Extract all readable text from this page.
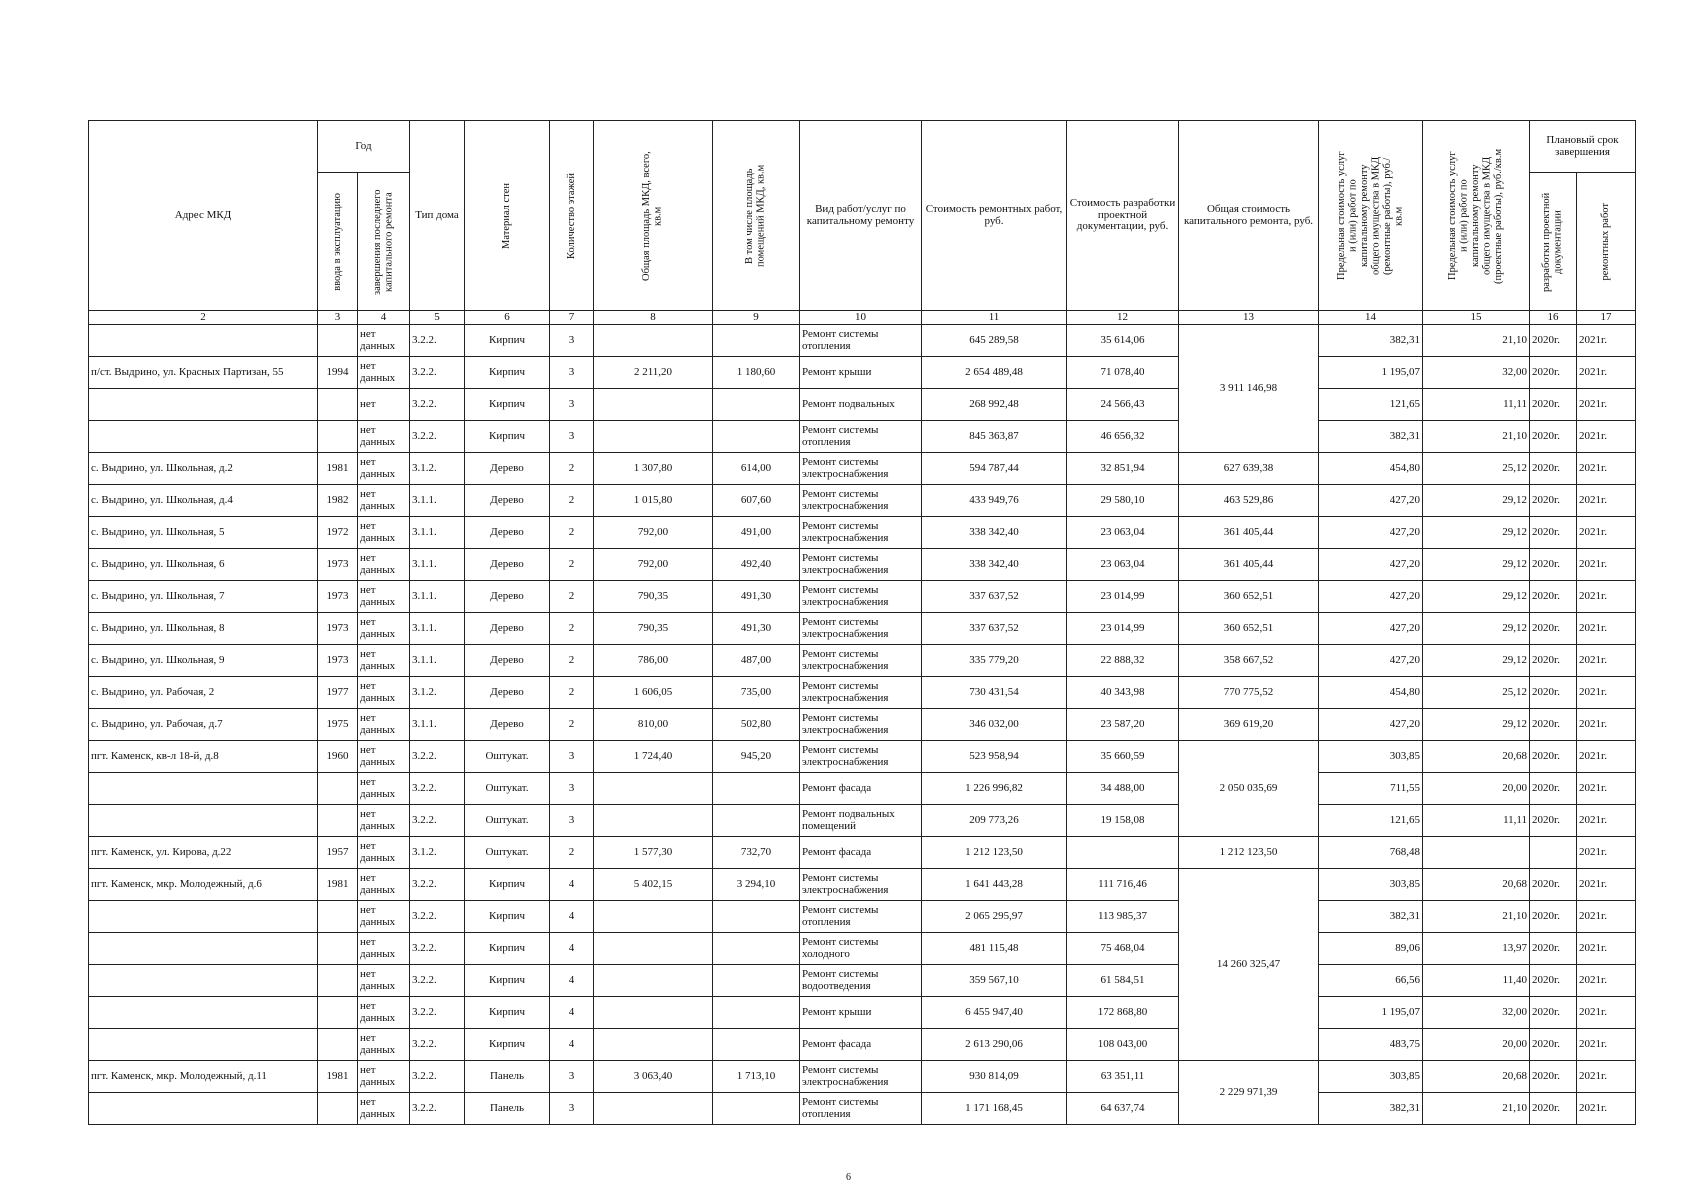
Адрес МКД	Год		Тип дома	Материал стен	Количество этажей	Общая площадь МКД, всего, кв.м	В том числе площадь помещений МКД, кв.м	Вид работ/услуг по капитальному ремонту	Стоимость ремонтных работ, руб.	Стоимость разработки проектной документации, руб.	Общая стоимость капитального ремонта, руб.	Предельная стоимость услуг и (или) работ по капитальному ремонту общего имущества в МКД (ремонтные работы), руб./кв.м	Предельная стоимость услуг и (или) работ по капитальному ремонту общего имущества в МКД (проектные работы), руб./кв.м	Плановый срок завершения	

	ввода в эксплуатацию	завершения последнего капитального ремонта												разработки проектной документации	ремонтных работ

2	3	4	5	6	7	8	9	10	11	12	13	14	15	16	17
		нет данных	3.2.2.	Кирпич	3			Ремонт системы отопления	645 289,58	35 614,06	3 911 146,98	382,31	21,10	2020г.	2021г.
п/ст. Выдрино, ул. Красных Партизан, 55	1994	нет данных	3.2.2.	Кирпич	3	2 211,20	1 180,60	Ремонт крыши	2 654 489,48	71 078,40		1 195,07	32,00	2020г.	2021г.
		нет	3.2.2.	Кирпич	3			Ремонт подвальных	268 992,48	24 566,43		121,65	11,11	2020г.	2021г.
		нет данных	3.2.2.	Кирпич	3			Ремонт системы отопления	845 363,87	46 656,32		382,31	21,10	2020г.	2021г.
с. Выдрино, ул. Школьная, д.2	1981	нет данных	3.1.2.	Дерево	2	1 307,80	614,00	Ремонт системы электроснабжения	594 787,44	32 851,94	627 639,38	454,80	25,12	2020г.	2021г.
с. Выдрино, ул. Школьная, д.4	1982	нет данных	3.1.1.	Дерево	2	1 015,80	607,60	Ремонт системы электроснабжения	433 949,76	29 580,10	463 529,86	427,20	29,12	2020г.	2021г.
с. Выдрино, ул. Школьная, 5	1972	нет данных	3.1.1.	Дерево	2	792,00	491,00	Ремонт системы электроснабжения	338 342,40	23 063,04	361 405,44	427,20	29,12	2020г.	2021г.
с. Выдрино, ул. Школьная, 6	1973	нет данных	3.1.1.	Дерево	2	792,00	492,40	Ремонт системы электроснабжения	338 342,40	23 063,04	361 405,44	427,20	29,12	2020г.	2021г.
с. Выдрино, ул. Школьная, 7	1973	нет данных	3.1.1.	Дерево	2	790,35	491,30	Ремонт системы электроснабжения	337 637,52	23 014,99	360 652,51	427,20	29,12	2020г.	2021г.
с. Выдрино, ул. Школьная, 8	1973	нет данных	3.1.1.	Дерево	2	790,35	491,30	Ремонт системы электроснабжения	337 637,52	23 014,99	360 652,51	427,20	29,12	2020г.	2021г.
с. Выдрино, ул. Школьная, 9	1973	нет данных	3.1.1.	Дерево	2	786,00	487,00	Ремонт системы электроснабжения	335 779,20	22 888,32	358 667,52	427,20	29,12	2020г.	2021г.
с. Выдрино, ул. Рабочая, 2	1977	нет данных	3.1.2.	Дерево	2	1 606,05	735,00	Ремонт системы электроснабжения	730 431,54	40 343,98	770 775,52	454,80	25,12	2020г.	2021г.
с. Выдрино, ул. Рабочая, д.7	1975	нет данных	3.1.1.	Дерево	2	810,00	502,80	Ремонт системы электроснабжения	346 032,00	23 587,20	369 619,20	427,20	29,12	2020г.	2021г.
пгт. Каменск, кв-л 18-й, д.8	1960	нет данных	3.2.2.	Оштукат.	3	1 724,40	945,20	Ремонт системы электроснабжения	523 958,94	35 660,59	2 050 035,69	303,85	20,68	2020г.	2021г.
		нет данных	3.2.2.	Оштукат.	3			Ремонт фасада	1 226 996,82	34 488,00		711,55	20,00	2020г.	2021г.
		нет данных	3.2.2.	Оштукат.	3			Ремонт подвальных помещений	209 773,26	19 158,08		121,65	11,11	2020г.	2021г.
пгт. Каменск, ул. Кирова, д.22	1957	нет данных	3.1.2.	Оштукат.	2	1 577,30	732,70	Ремонт фасада	1 212 123,50		1 212 123,50	768,48			2021г.
пгт. Каменск, мкр. Молодежный, д.6	1981	нет данных	3.2.2.	Кирпич	4	5 402,15	3 294,10	Ремонт системы электроснабжения	1 641 443,28	111 716,46	14 260 325,47	303,85	20,68	2020г.	2021г.
		нет данных	3.2.2.	Кирпич	4			Ремонт системы отопления	2 065 295,97	113 985,37		382,31	21,10	2020г.	2021г.
		нет данных	3.2.2.	Кирпич	4			Ремонт системы холодного	481 115,48	75 468,04		89,06	13,97	2020г.	2021г.
		нет данных	3.2.2.	Кирпич	4			Ремонт системы водоотведения	359 567,10	61 584,51		66,56	11,40	2020г.	2021г.
		нет данных	3.2.2.	Кирпич	4			Ремонт крыши	6 455 947,40	172 868,80		1 195,07	32,00	2020г.	2021г.
		нет данных	3.2.2.	Кирпич	4			Ремонт фасада	2 613 290,06	108 043,00		483,75	20,00	2020г.	2021г.
пгт. Каменск, мкр. Молодежный, д.11	1981	нет данных	3.2.2.	Панель	3	3 063,40	1 713,10	Ремонт системы электроснабжения	930 814,09	63 351,11	2 229 971,39	303,85	20,68	2020г.	2021г.
		нет данных	3.2.2.	Панель	3			Ремонт системы отопления	1 171 168,45	64 637,74		382,31	21,10	2020г.	2021г.
6
